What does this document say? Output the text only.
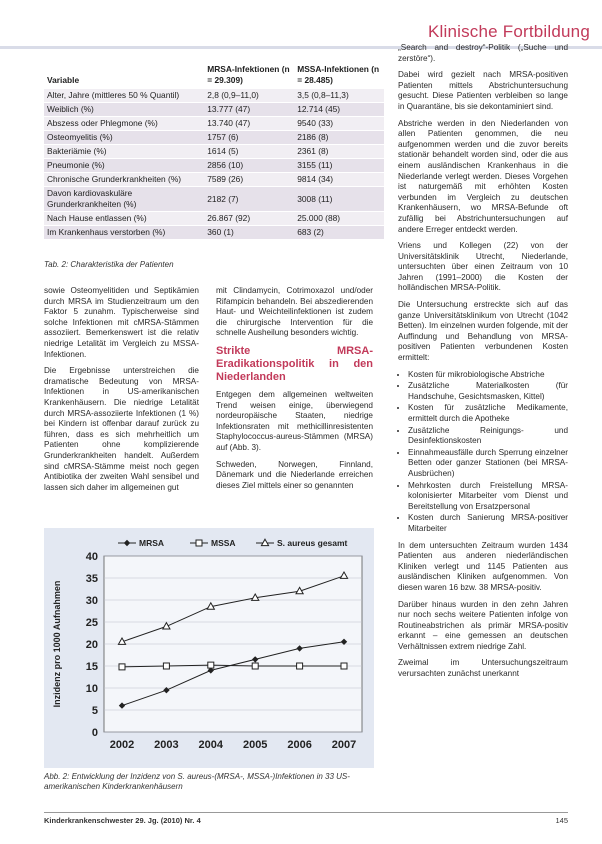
Klinische Fortbildung
Variable	MRSA-Infektionen (n = 29.309)	MSSA-Infektionen (n = 28.485)
Alter, Jahre (mittleres 50 % Quantil)	2,8 (0,9–11,0)	3,5 (0,8–11,3)
Weiblich (%)	13.777 (47)	12.714 (45)
Abszess oder Phlegmone (%)	13.740 (47)	9540 (33)
Osteomyelitis (%)	1757 (6)	2186 (8)
Bakteriämie (%)	1614 (5)	2361 (8)
Pneumonie (%)	2856 (10)	3155 (11)
Chronische Grunderkrankheiten (%)	7589 (26)	9814 (34)
Davon kardiovaskuläre Grunderkrankheiten (%)	2182 (7)	3008 (11)
Nach Hause entlassen (%)	26.867 (92)	25.000 (88)
Im Krankenhaus verstorben (%)	360 (1)	683 (2)
Tab. 2: Charakteristika der Patienten

sowie Osteomyelitiden und Septikämien durch MRSA im Studienzeitraum um den Faktor 5 zunahm. Typischerweise sind solche Infektionen mit cMRSA-Stämmen assoziiert. Bemerkenswert ist die relativ niedrige Letalität im Vergleich zu MSSA-Infektionen.

Die Ergebnisse unterstreichen die dramatische Bedeutung von MRSA-Infektionen in US-amerikanischen Krankenhäusern. Die niedrige Letalität durch MRSA-assoziierte Infektionen (1 %) bei Kindern ist offenbar darauf zurück zu führen, dass es sich mehrheitlich um Patienten ohne komplizierende Grunderkrankheiten handelt. Außerdem sind cMRSA-Stämme meist noch gegen Antibiotika der zweiten Wahl sensibel und lassen sich daher im allgemeinen gut

mit Clindamycin, Cotrimoxazol und/oder Rifampicin behandeln. Bei abszedierenden Haut- und Weichteilinfektionen ist zudem die chirurgische Intervention für die schnelle Ausheilung besonders wichtig.

Strikte MRSA-Eradikationspolitik in den Niederlanden

Entgegen dem allgemeinen weltweiten Trend weisen einige, überwiegend nordeuropäische Staaten, niedrige Infektionsraten mit methicillinresistenten Staphylococcus-aureus-Stämmen (MRSA) auf (Abb. 3).

Schweden, Norwegen, Finnland, Dänemark und die Niederlande erreichen dieses Ziel mittels einer so genannten

„Search and destroy“-Politik („Suche und zerstöre“).

Dabei wird gezielt nach MRSA-positiven Patienten mittels Abstrichuntersuchung gesucht. Diese Patienten verbleiben so lange in Quarantäne, bis sie dekontaminiert sind.

Abstriche werden in den Niederlanden von allen Patienten genommen, die neu aufgenommen werden und die zuvor bereits stationär behandelt worden sind, oder die aus einem ausländischen Krankenhaus in die Niederlande verlegt werden. Dieses Vorgehen ist naturgemäß mit erhöhten Kosten verbunden im Vergleich zu deutschen Krankenhäusern, wo MRSA-Befunde oft zufällig bei Abstrichuntersuchungen auf andere Erreger entdeckt werden.

Vriens und Kollegen (22) von der Universitätsklinik Utrecht, Niederlande, untersuchten über einen Zeitraum von 10 Jahren (1991–2000) die Kosten der holländischen MRSA-Politik.

Die Untersuchung erstreckte sich auf das ganze Universitätsklinikum von Utrecht (1042 Betten). Im einzelnen wurden folgende, mit der Auffindung und Behandlung von MRSA-positiven Patienten verbundenen Kosten ermittelt:

• Kosten für mikrobiologische Abstriche
• Zusätzliche Materialkosten (für Handschuhe, Gesichtsmasken, Kittel)
• Kosten für zusätzliche Medikamente, ermittelt durch die Apotheke
• Zusätzliche Reinigungs- und Desinfektionskosten
• Einnahmeausfälle durch Sperrung einzelner Betten oder ganzer Stationen (bei MRSA-Ausbrüchen)
• Mehrkosten durch Freistellung MRSA-kolonisierter Mitarbeiter vom Dienst und Bereitstellung von Ersatzpersonal
• Kosten durch Sanierung MRSA-positiver Mitarbeiter

In dem untersuchten Zeitraum wurden 1434 Patienten aus anderen niederländischen Kliniken verlegt und 1145 Patienten aus ausländischen Kliniken aufgenommen. Von diesen waren 16 bzw. 38 MRSA-positiv.

Darüber hinaus wurden in den zehn Jahren nur noch sechs weitere Patienten infolge von Routineabstrichen als primär MRSA-positiv erkannt – eine gemessen an deutschen Verhältnissen extrem niedrige Zahl.

Zweimal im Untersuchungszeitraum verursachten zunächst unerkannt

0
5
10
15
20
25
30
35
40
2002 2003 2004 2005 2006 2007
Inzidenz pro 1000 Aufnahmen
MRSA	MSSA	S. aureus gesamt
Abb. 2: Entwicklung der Inzidenz von S. aureus-(MRSA-, MSSA-)Infektionen in 33 US-amerikanischen Kinderkrankenhäusern
Kinderkrankenschwester 29. Jg. (2010) Nr. 4	145
